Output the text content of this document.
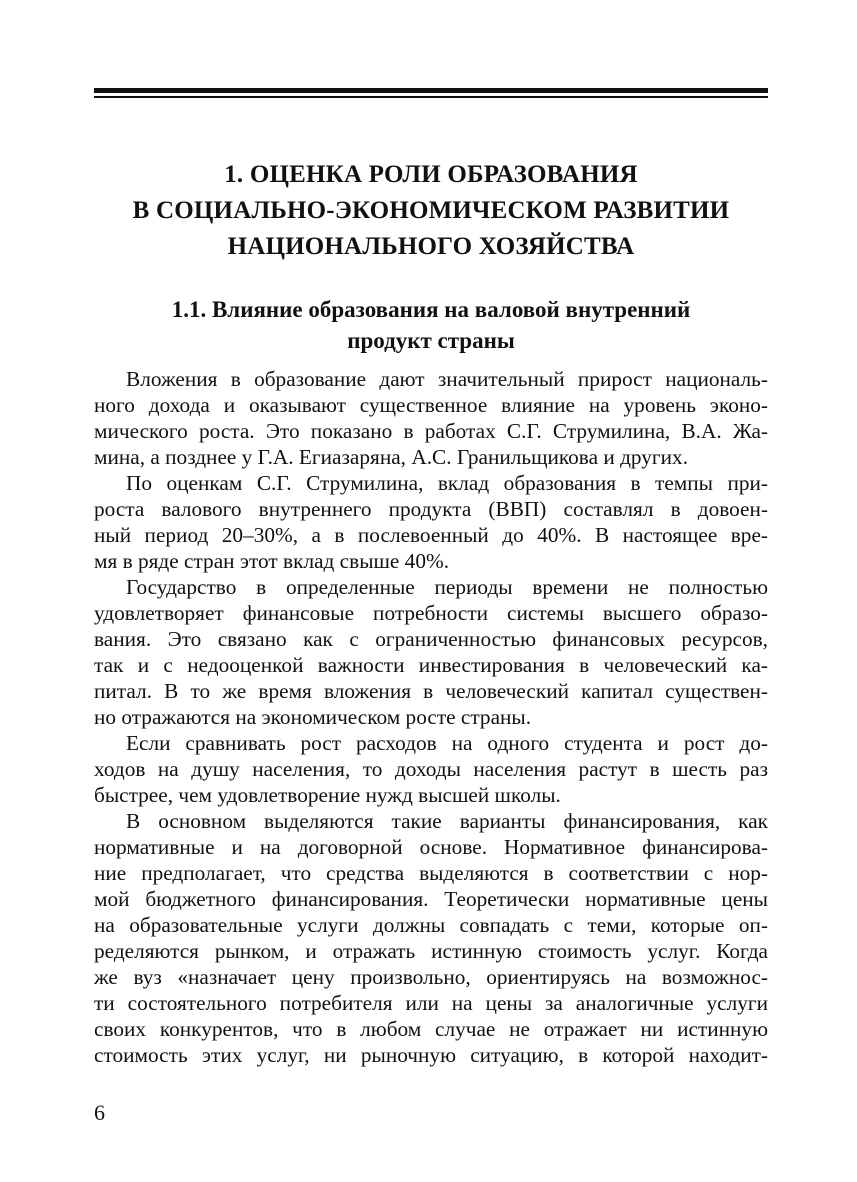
1. ОЦЕНКА РОЛИ ОБРАЗОВАНИЯ
В СОЦИАЛЬНО-ЭКОНОМИЧЕСКОМ РАЗВИТИИ
НАЦИОНАЛЬНОГО ХОЗЯЙСТВА
1.1. Влияние образования на валовой внутренний
продукт страны
Вложения в образование дают значительный прирост националь-
ного дохода и оказывают существенное влияние на уровень эконо-
мического роста. Это показано в работах С.Г. Струмилина, В.А. Жа-
мина, а позднее у Г.А. Егиазаряна, А.С. Гранильщикова и других.
По оценкам С.Г. Струмилина, вклад образования в темпы при-
роста валового внутреннего продукта (ВВП) составлял в довоен-
ный период 20–30%, а в послевоенный до 40%. В настоящее вре-
мя в ряде стран этот вклад свыше 40%.
Государство в определенные периоды времени не полностью
удовлетворяет финансовые потребности системы высшего образо-
вания. Это связано как с ограниченностью финансовых ресурсов,
так и с недооценкой важности инвестирования в человеческий ка-
питал. В то же время вложения в человеческий капитал существен-
но отражаются на экономическом росте страны.
Если сравнивать рост расходов на одного студента и рост до-
ходов на душу населения, то доходы населения растут в шесть раз
быстрее, чем удовлетворение нужд высшей школы.
В основном выделяются такие варианты финансирования, как
нормативные и на договорной основе. Нормативное финансирова-
ние предполагает, что средства выделяются в соответствии с нор-
мой бюджетного финансирования. Теоретически нормативные цены
на образовательные услуги должны совпадать с теми, которые оп-
ределяются рынком, и отражать истинную стоимость услуг. Когда
же вуз «назначает цену произвольно, ориентируясь на возможнос-
ти состоятельного потребителя или на цены за аналогичные услуги
своих конкурентов, что в любом случае не отражает ни истинную
стоимость этих услуг, ни рыночную ситуацию, в которой находит-
6
